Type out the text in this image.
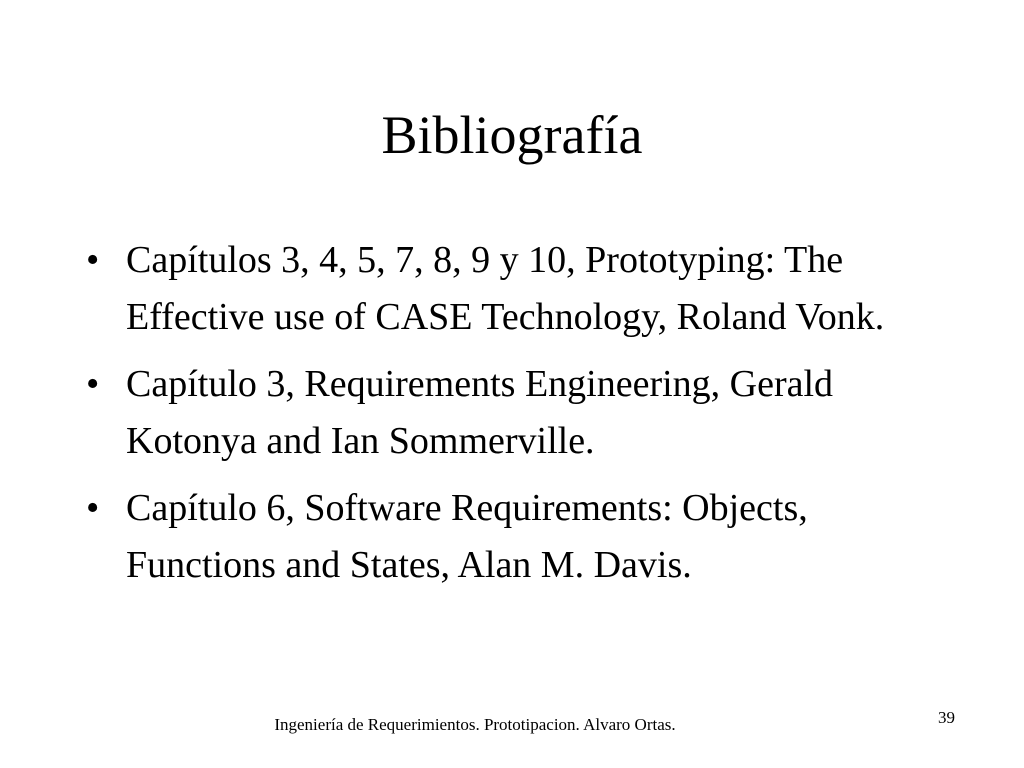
Bibliografía
• Capítulos 3, 4, 5, 7, 8, 9 y 10, Prototyping: The Effective use of CASE Technology, Roland Vonk.
• Capítulo 3, Requirements Engineering, Gerald Kotonya and Ian Sommerville.
• Capítulo 6, Software Requirements: Objects, Functions and States, Alan M. Davis.
Ingeniería de Requerimientos. Prototipacion. Alvaro Ortas.	39
